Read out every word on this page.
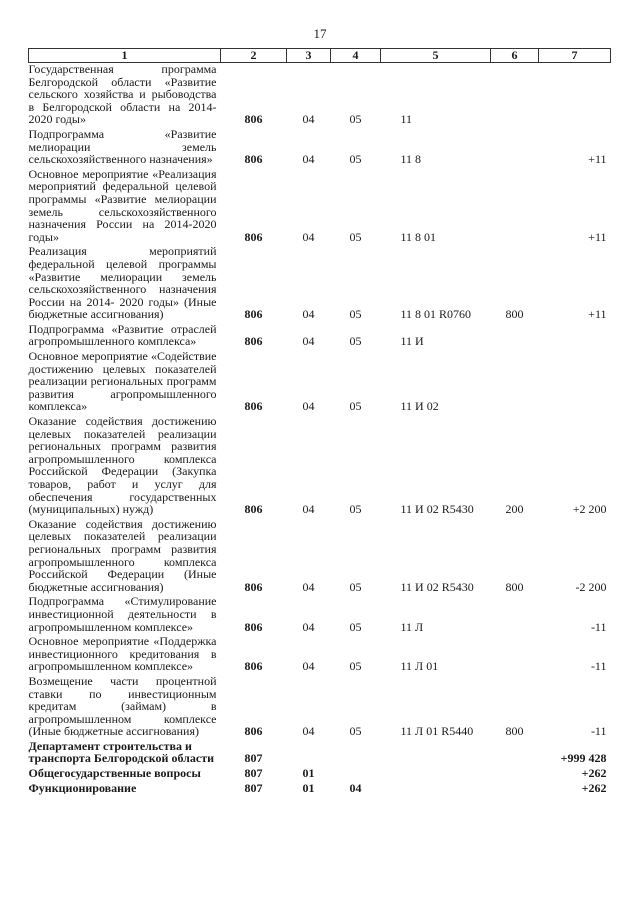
17
1	2	3	4	5	6	7
Государственная программа Белгородской области «Развитие сельского хозяйства и рыбоводства в Белгородской области на 2014-2020 годы»	806	04	05	11		
Подпрограмма «Развитие мелиорации земель сельскохозяйственного назначения»	806	04	05	11 8		+11
Основное мероприятие «Реализация мероприятий федеральной целевой программы «Развитие мелиорации земель сельскохозяйственного назначения России на 2014-2020 годы»	806	04	05	11 8 01		+11
Реализация мероприятий федеральной целевой программы «Развитие мелиорации земель сельскохозяйственного назначения России на 2014- 2020 годы» (Иные бюджетные ассигнования)	806	04	05	11 8 01 R0760	800	+11
Подпрограмма «Развитие отраслей агропромышленного комплекса»	806	04	05	11 И		
Основное мероприятие «Содействие достижению целевых показателей реализации региональных программ развития агропромышленного комплекса»	806	04	05	11 И 02		
Оказание содействия достижению целевых показателей реализации региональных программ развития агропромышленного комплекса Российской Федерации (Закупка товаров, работ и услуг для обеспечения государственных (муниципальных) нужд)	806	04	05	11 И 02 R5430	200	+2 200
Оказание содействия достижению целевых показателей реализации региональных программ развития агропромышленного комплекса Российской Федерации (Иные бюджетные ассигнования)	806	04	05	11 И 02 R5430	800	-2 200
Подпрограмма «Стимулирование инвестиционной деятельности в агропромышленном комплексе»	806	04	05	11 Л		-11
Основное мероприятие «Поддержка инвестиционного кредитования в агропромышленном комплексе»	806	04	05	11 Л 01		-11
Возмещение части процентной ставки по инвестиционным кредитам (займам) в агропромышленном комплексе (Иные бюджетные ассигнования)	806	04	05	11 Л 01 R5440	800	-11
Департамент строительства и транспорта Белгородской области	807					+999 428
Общегосударственные вопросы	807	01				+262
Функционирование	807	01	04			+262
